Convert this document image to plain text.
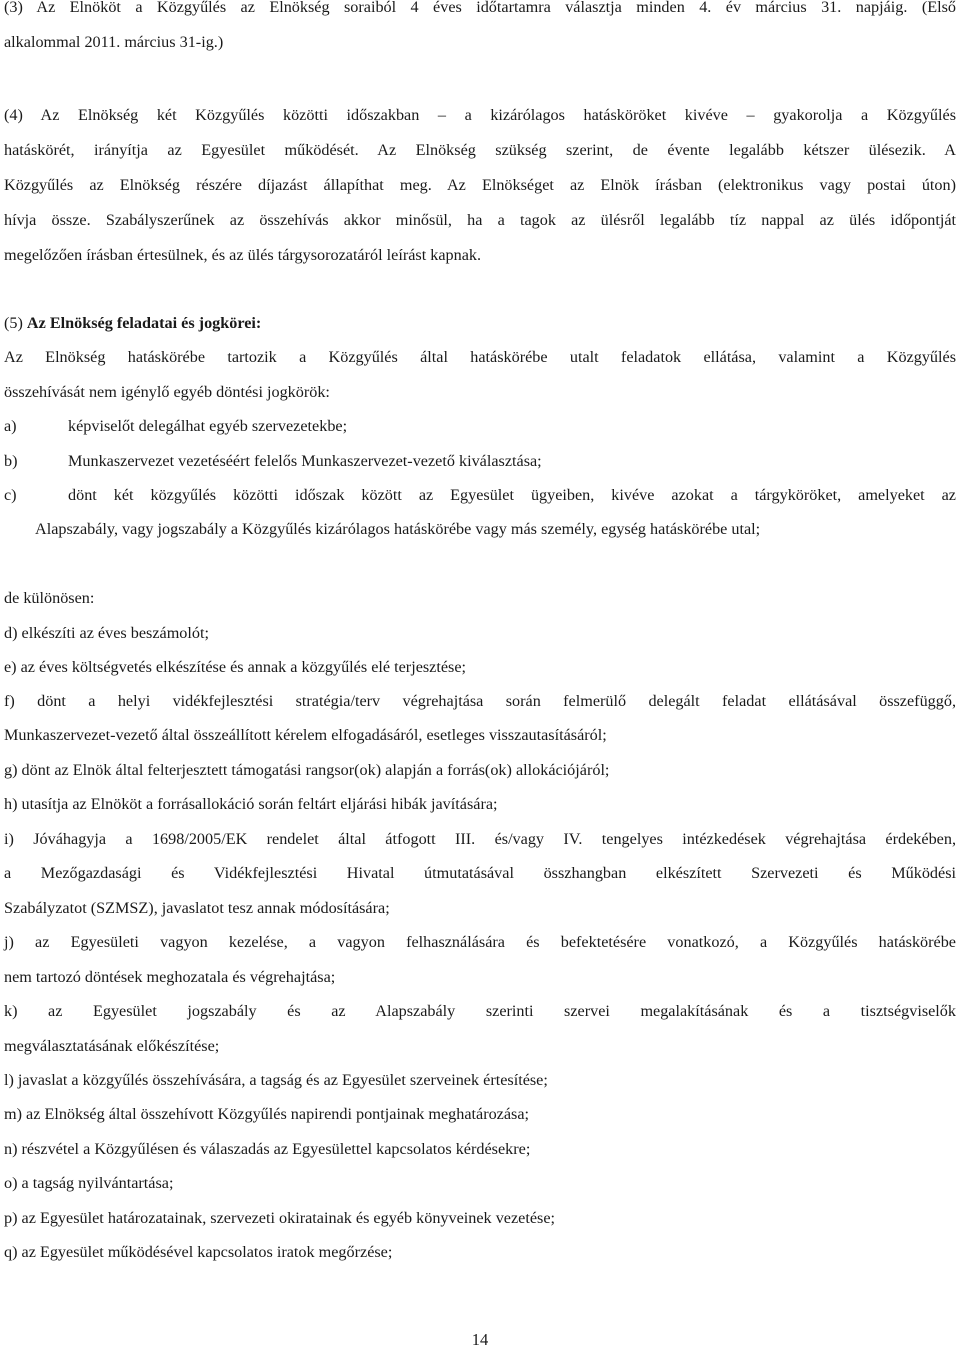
(3) Az Elnököt a Közgyűlés az Elnökség soraiból 4 éves időtartamra választja minden 4. év március 31. napjáig. (Első
alkalommal 2011. március 31-ig.)
(4) Az Elnökség két Közgyűlés közötti időszakban – a kizárólagos hatásköröket kivéve – gyakorolja a Közgyűlés
hatáskörét, irányítja az Egyesület működését. Az Elnökség szükség szerint, de évente legalább kétszer ülésezik. A
Közgyűlés az Elnökség részére díjazást állapíthat meg. Az Elnökséget az Elnök írásban (elektronikus vagy postai úton)
hívja össze. Szabályszerűnek az összehívás akkor minősül, ha a tagok az ülésről legalább tíz nappal az ülés időpontját
megelőzően írásban értesülnek, és az ülés tárgysorozatáról leírást kapnak.
(5) Az Elnökség feladatai és jogkörei:
Az Elnökség hatáskörébe tartozik a Közgyűlés által hatáskörébe utalt feladatok ellátása, valamint a Közgyűlés
összehívását nem igénylő egyéb döntési jogkörök:
a)	képviselőt delegálhat egyéb szervezetekbe;
b)	Munkaszervezet vezetéséért felelős Munkaszervezet-vezető kiválasztása;
c)	dönt két közgyűlés közötti időszak között az Egyesület ügyeiben, kivéve azokat a tárgyköröket, amelyeket az
Alapszabály, vagy jogszabály a Közgyűlés kizárólagos hatáskörébe vagy más személy, egység hatáskörébe utal;
de különösen:
d) elkészíti az éves beszámolót;
e) az éves költségvetés elkészítése és annak a közgyűlés elé terjesztése;
f) dönt a helyi vidékfejlesztési stratégia/terv végrehajtása során felmerülő delegált feladat ellátásával összefüggő,
Munkaszervezet-vezető által összeállított kérelem elfogadásáról, esetleges visszautasításáról;
g) dönt az Elnök által felterjesztett támogatási rangsor(ok) alapján a forrás(ok) allokációjáról;
h) utasítja az Elnököt a forrásallokáció során feltárt eljárási hibák javítására;
i) Jóváhagyja a 1698/2005/EK rendelet által átfogott III. és/vagy IV. tengelyes intézkedések végrehajtása érdekében,
a Mezőgazdasági és Vidékfejlesztési Hivatal útmutatásával összhangban elkészített Szervezeti és Működési
Szabályzatot (SZMSZ), javaslatot tesz annak módosítására;
j) az Egyesületi vagyon kezelése, a vagyon felhasználására és befektetésére vonatkozó, a Közgyűlés hatáskörébe
nem tartozó döntések meghozatala és végrehajtása;
k) az Egyesület jogszabály és az Alapszabály szerinti szervei megalakításának és a tisztségviselők
megválasztatásának előkészítése;
l) javaslat a közgyűlés összehívására, a tagság és az Egyesület szerveinek értesítése;
m) az Elnökség által összehívott Közgyűlés napirendi pontjainak meghatározása;
n) részvétel a Közgyűlésen és válaszadás az Egyesülettel kapcsolatos kérdésekre;
o) a tagság nyilvántartása;
p) az Egyesület határozatainak, szervezeti okiratainak és egyéb könyveinek vezetése;
q) az Egyesület működésével kapcsolatos iratok megőrzése;
14
